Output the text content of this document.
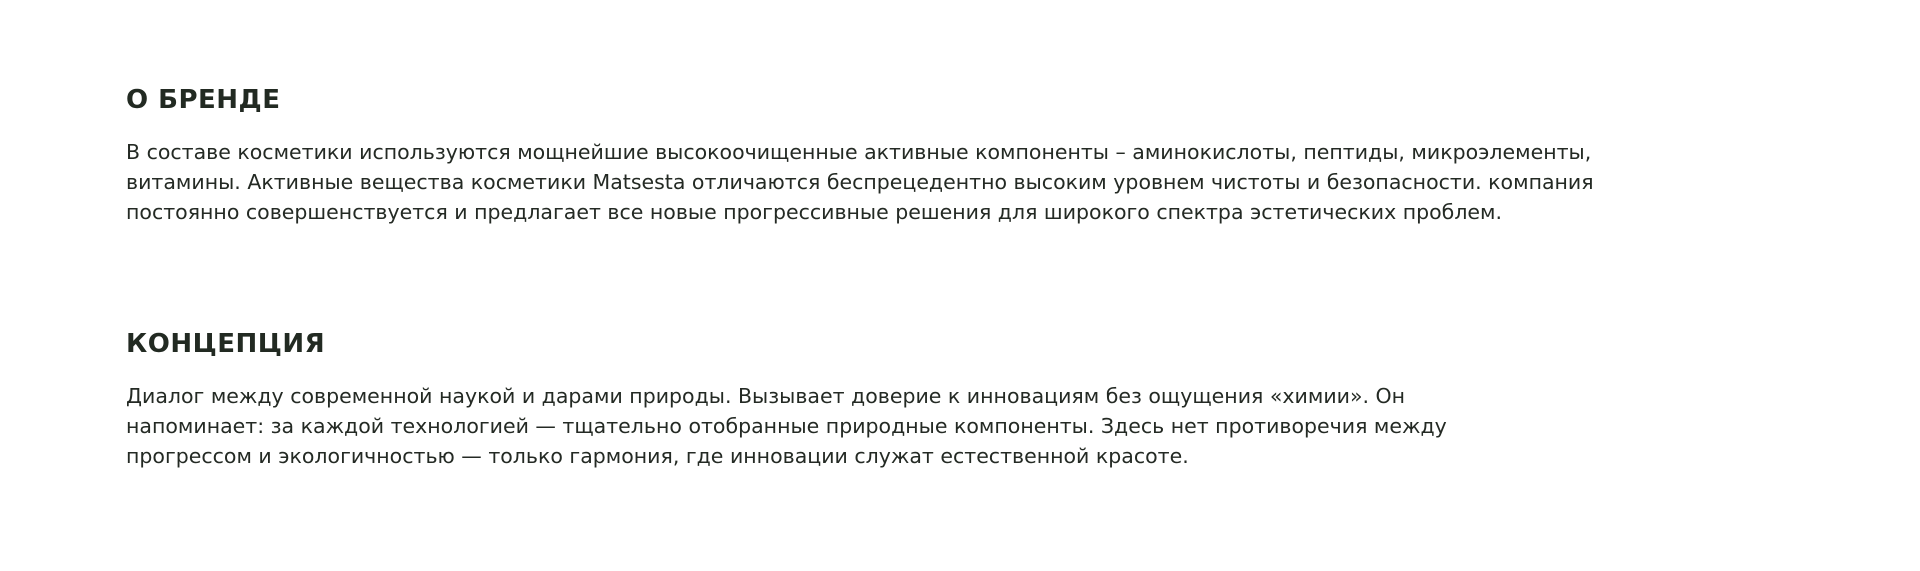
О БРЕНДЕ

В составе косметики используются мощнейшие высокоочищенные активные компоненты – аминокислоты, пептиды, микроэлементы, витамины. Активные вещества косметики Matsesta отличаются беспрецедентно высоким уровнем чистоты и безопасности. компания постоянно совершенствуется и предлагает все новые прогрессивные решения для широкого спектра эстетических проблем.

КОНЦЕПЦИЯ

Диалог между современной наукой и дарами природы. Вызывает доверие к инновациям без ощущения «химии». Он напоминает: за каждой технологией — тщательно отобранные природные компоненты. Здесь нет противоречия между прогрессом и экологичностью — только гармония, где инновации служат естественной красоте.
